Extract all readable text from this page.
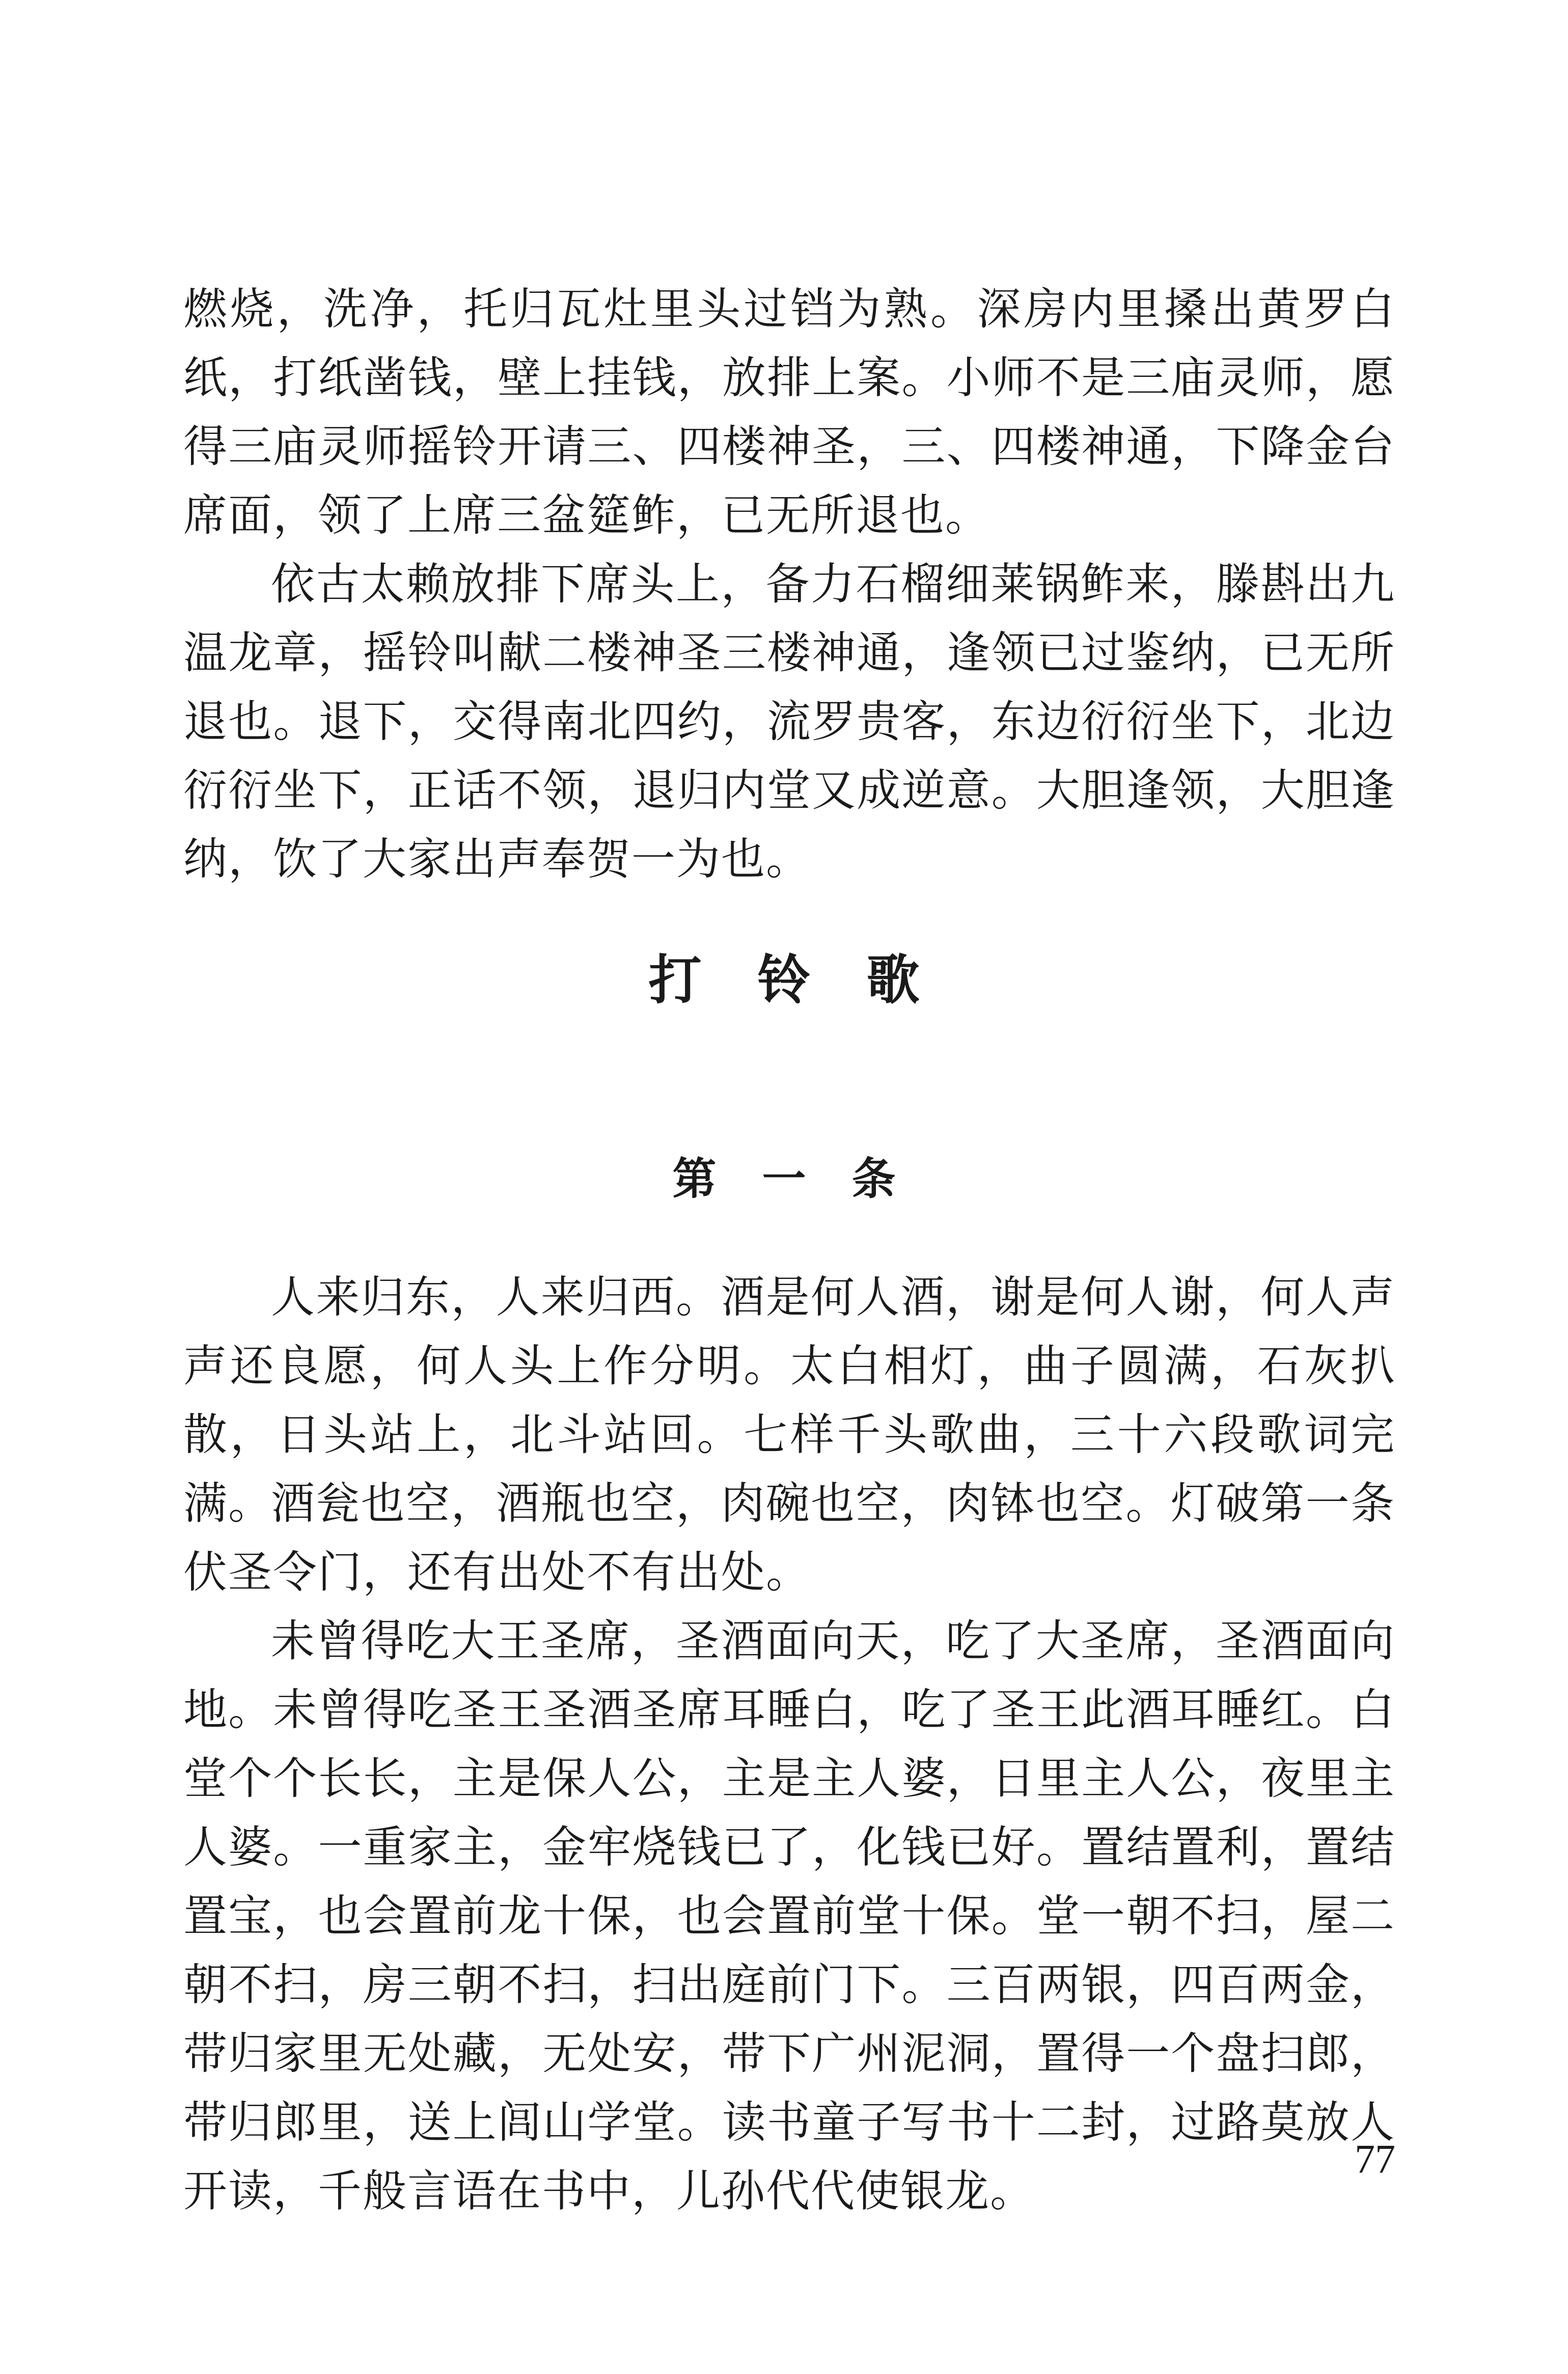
燃烧，洗净，托归瓦灶里头过铛为熟。深房内里搡出黄罗白纸，打纸凿钱，壁上挂钱，放排上案。小师不是三庙灵师，愿得三庙灵师摇铃开请三、四楼神圣，三、四楼神通，下降金台席面，领了上席三盆筵鲊，已无所退也。

依古太赖放排下席头上，备力石榴细莱锅鲊来，滕斟出九温龙章，摇铃叫献二楼神圣三楼神通，逢领已过鉴纳，已无所退也。退下，交得南北四约，流罗贵客，东边衍衍坐下，北边衍衍坐下，正话不领，退归内堂又成逆意。大胆逢领，大胆逢纳，饮了大家出声奉贺一为也。

打铃歌
第一条

人来归东，人来归西。酒是何人酒，谢是何人谢，何人声声还良愿，何人头上作分明。太白相灯，曲子圆满，石灰扒散，日头站上，北斗站回。七样千头歌曲，三十六段歌词完满。

酒瓮也空，酒瓶也空，肉碗也空，肉钵也空。灯破第一条伏圣令门，还有出处不有出处。

未曾得吃大王圣席，圣酒面向天，吃了大圣席，圣酒面向地。未曾得吃圣王圣酒圣席耳睡白，吃了圣王此酒耳睡红。白堂个个长长，主是保人公，主是主人婆，日里主人公，夜里主人婆。一重家主，金牢烧钱已了，化钱已好。置结置利，置结置宝，也会置前龙十保，也会置前堂十保。堂一朝不扫，屋二朝不扫，房三朝不扫，扫出庭前门下。三百两银，四百两金，带归家里无处藏，无处安，带下广州泥洞，置得一个盘扫郎，带归郎里，送上闾山学堂。读书童子写书十二封，过路莫放人开读，千般言语在书中，儿孙代代使银龙。

77
